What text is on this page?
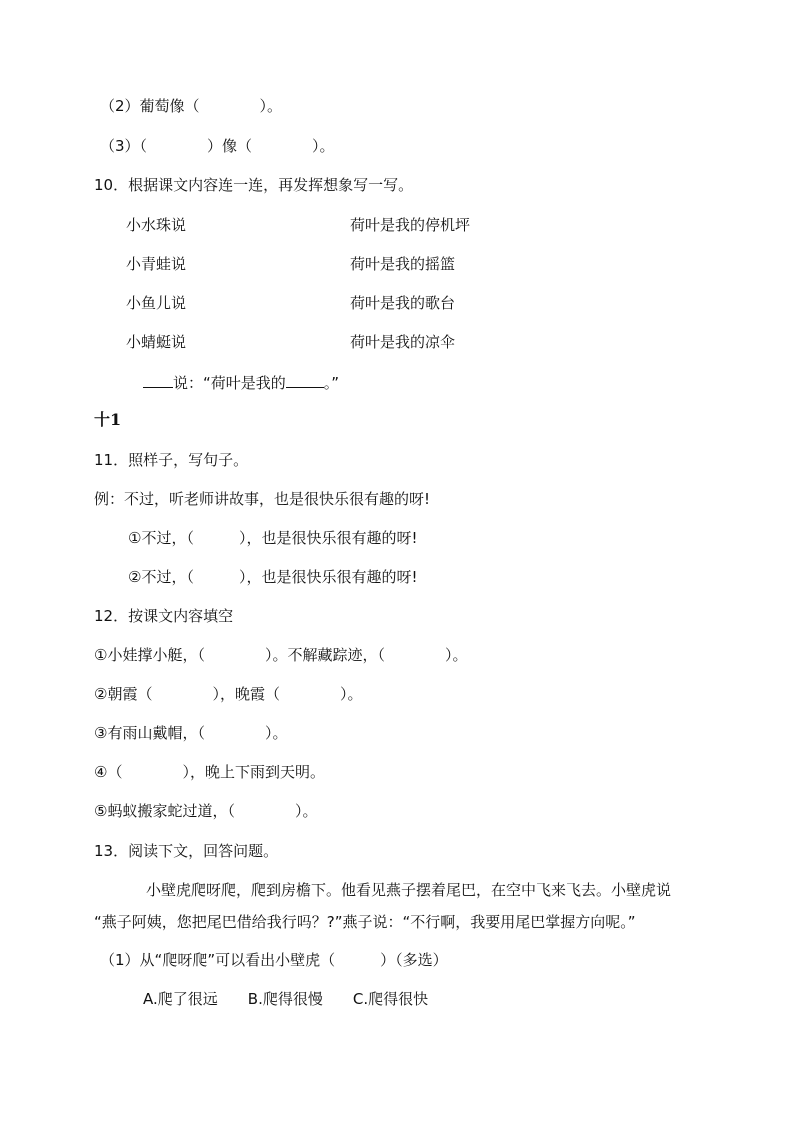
（2）葡萄像（　　　　）。
（3）（　　　　）像（　　　　）。
10．根据课文内容连一连，再发挥想象写一写。
小水珠说	荷叶是我的停机坪
小青蛙说	荷叶是我的摇篮
小鱼儿说	荷叶是我的歌台
小蜻蜓说	荷叶是我的凉伞
说：“荷叶是我的	。”
十1
11．照样子，写句子。
例：不过，听老师讲故事，也是很快乐很有趣的呀!
①不过，（　　　），也是很快乐很有趣的呀!
②不过，（　　　），也是很快乐很有趣的呀!
12．按课文内容填空
①小娃撑小艇，（　　　　）。不解藏踪迹，（　　　　）。
②朝霞（　　　　），晚霞（　　　　）。
③有雨山戴帽，（　　　　）。
④（　　　　），晚上下雨到天明。
⑤蚂蚁搬家蛇过道，（　　　　）。
13．阅读下文，回答问题。
小壁虎爬呀爬，爬到房檐下。他看见燕子摆着尾巴，在空中飞来飞去。小壁虎说
“燕子阿姨，您把尾巴借给我行吗？?”燕子说：“不行啊，我要用尾巴掌握方向呢。”
（1）从“爬呀爬”可以看出小壁虎（　　　）（多选）
A.爬了很远 B.爬得很慢 C.爬得很快
